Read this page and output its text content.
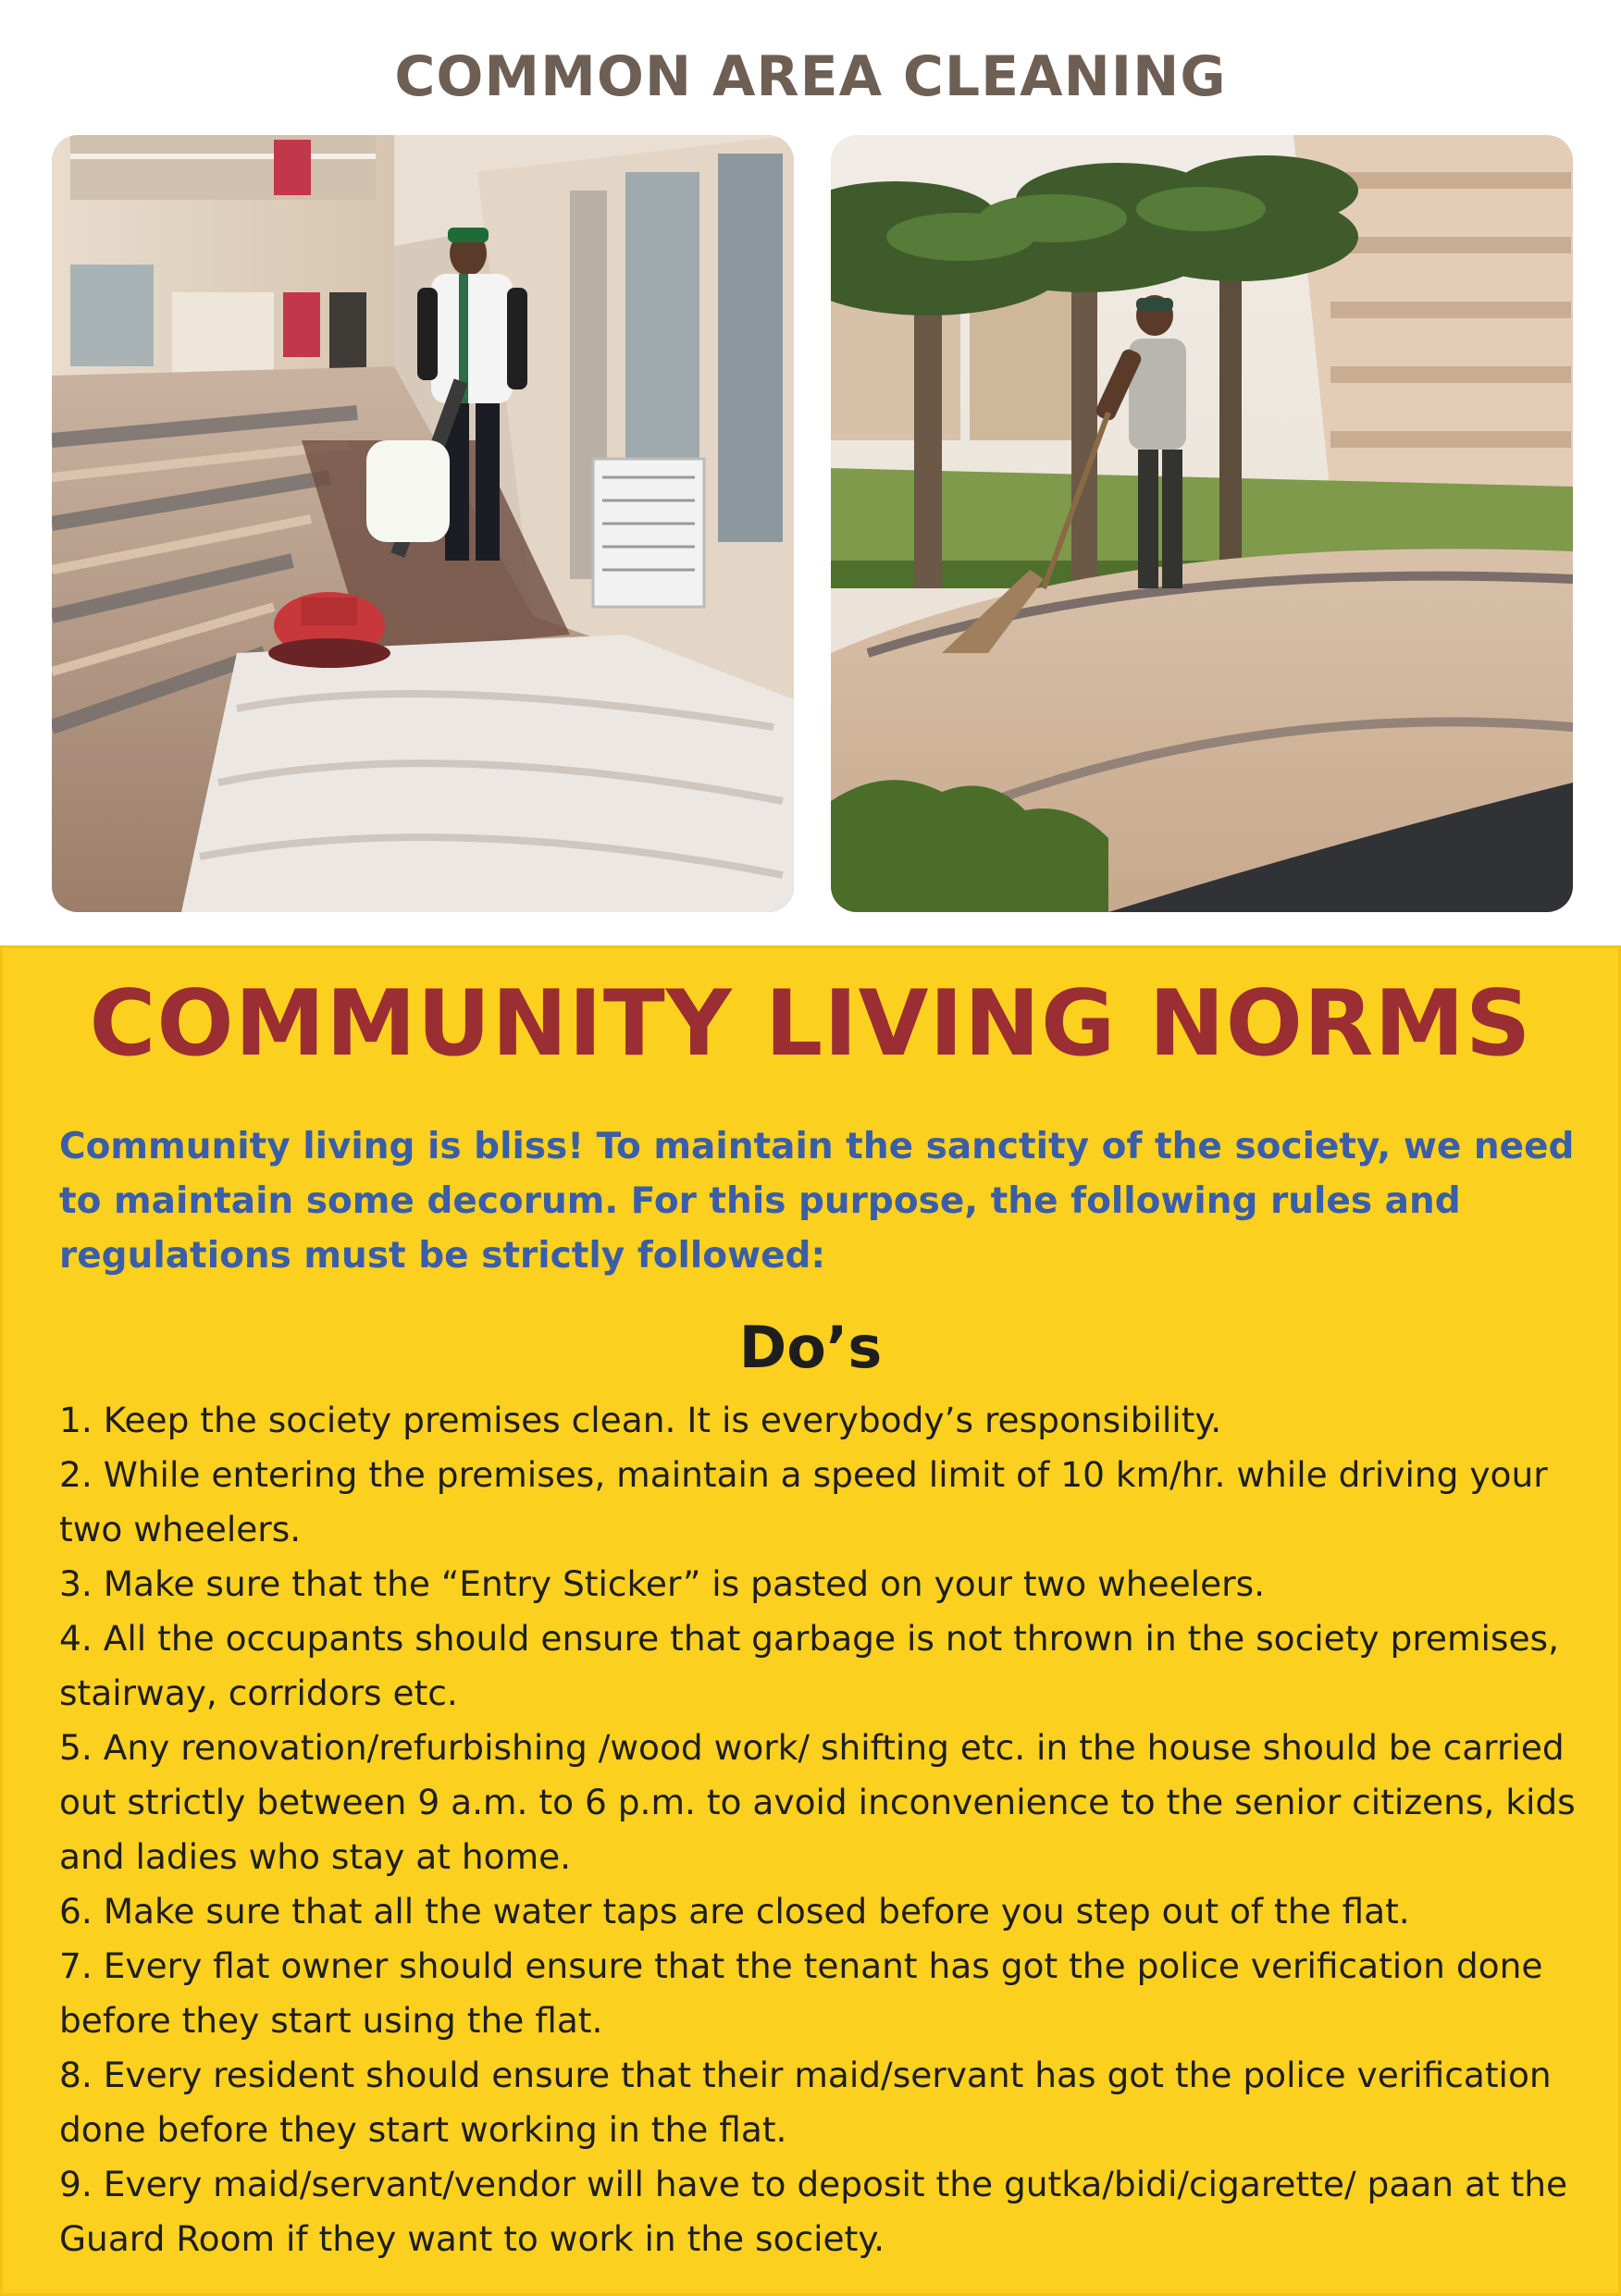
COMMON AREA CLEANING
COMMUNITY LIVING NORMS

Community living is bliss! To maintain the sanctity of the society, we need to maintain some decorum. For this purpose, the following rules and regulations must be strictly followed:

Do’s
1. Keep the society premises clean. It is everybody’s responsibility.
2. While entering the premises, maintain a speed limit of 10 km/hr. while driving your two wheelers.
3. Make sure that the “Entry Sticker” is pasted on your two wheelers.
4. All the occupants should ensure that garbage is not thrown in the society premises, stairway, corridors etc.
5. Any renovation/refurbishing /wood work/ shifting etc. in the house should be carried out strictly between 9 a.m. to 6 p.m. to avoid inconvenience to the senior citizens, kids and ladies who stay at home.
6. Make sure that all the water taps are closed before you step out of the flat.
7. Every flat owner should ensure that the tenant has got the police verification done before they start using the flat.
8. Every resident should ensure that their maid/servant has got the police verification done before they start working in the flat.
9. Every maid/servant/vendor will have to deposit the gutka/bidi/cigarette/ paan at the Guard Room if they want to work in the society.
